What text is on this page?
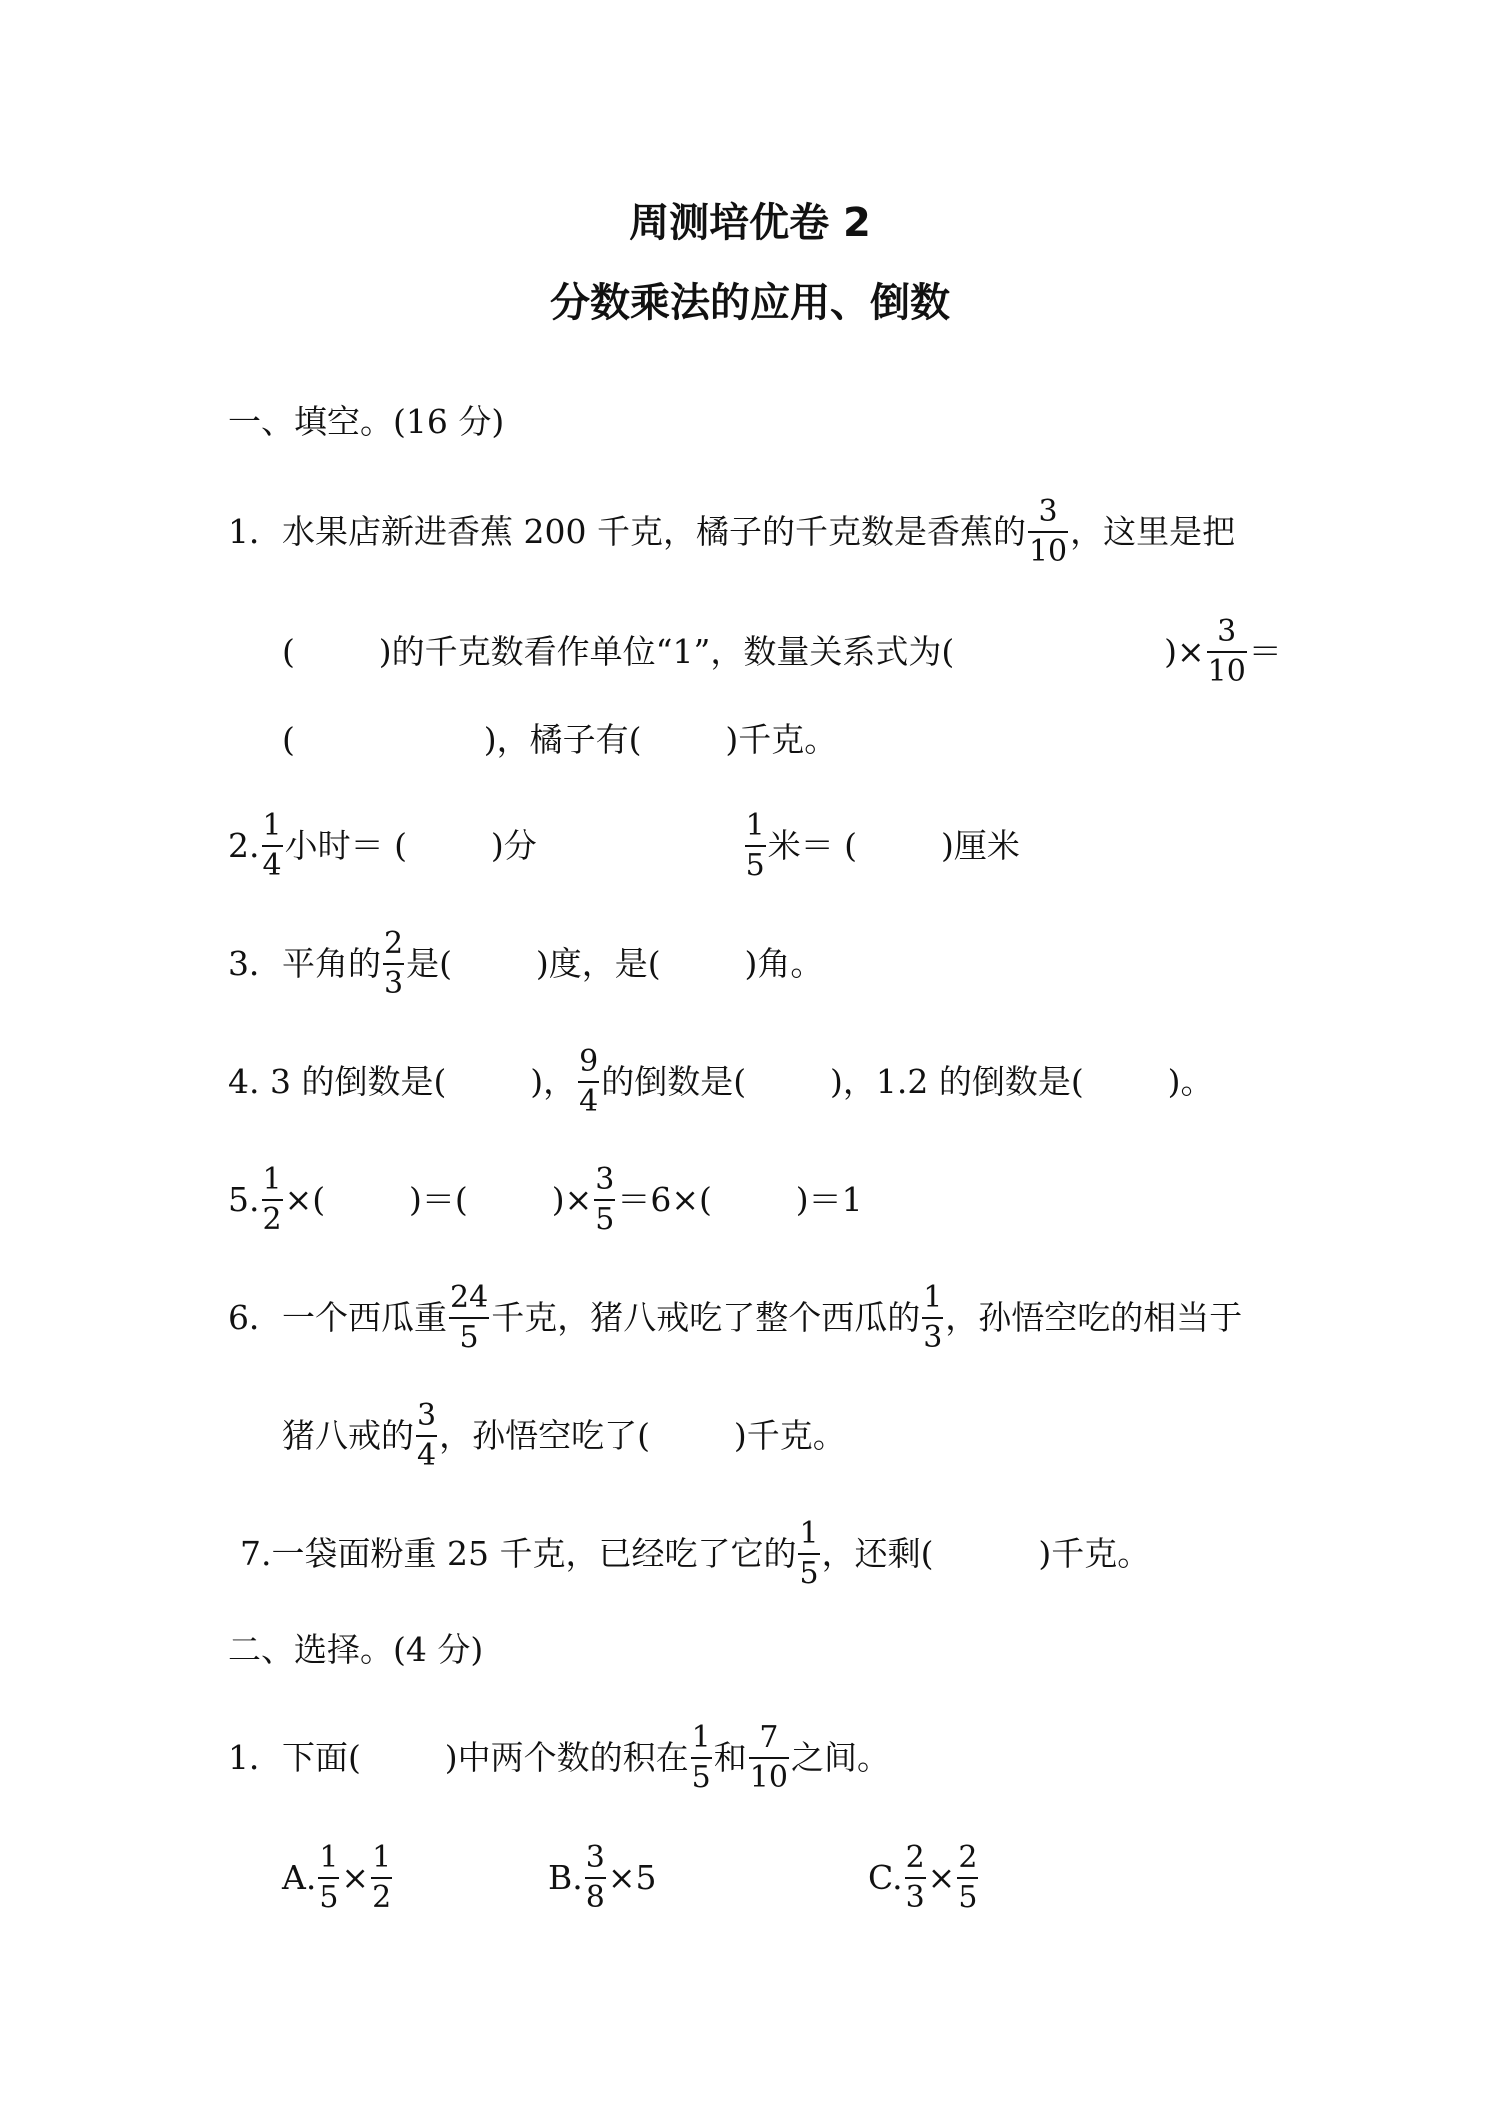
周测培优卷 2
分数乘法的应用、倒数
一、填空。(16 分)
1．水果店新进香蕉 200 千克，橘子的千克数是香蕉的 $\frac{3}{10}$ ，这里是把
(        )的千克数看作单位“1”，数量关系式为(                    )× $\frac{3}{10}$ ＝
(                  )，橘子有(        )千克。
2. $\frac{1}{4}$ 小时＝ (        )分	$\frac{1}{5}$ 米＝ (        )厘米
3．平角的 $\frac{2}{3}$ 是(        )度，是(        )角。
4. 3 的倒数是(        )， $\frac{9}{4}$ 的倒数是(        )，1.2 的倒数是(        )。
5. $\frac{1}{2}$ ×(        )＝(        )× $\frac{3}{5} =6\times$(        )＝1
6．一个西瓜重 $\frac{24}{5}$ 千克，猪八戒吃了整个西瓜的 $\frac{1}{3}$ ，孙悟空吃的相当于
猪八戒的 $\frac{3}{4}$ ，孙悟空吃了(        )千克。
7.一袋面粉重 25 千克，已经吃了它的 $\frac{1}{5}$ ，还剩(          )千克。
二、选择。(4 分)
1．下面(        )中两个数的积在 $\frac{1}{5}$ 和 $\frac{7}{10}$ 之间。
A. $\frac{1}{5} \times \frac{1}{2}$	B. $\frac{3}{8} \times 5$	C. $\frac{2}{3} \times \frac{2}{5}$
